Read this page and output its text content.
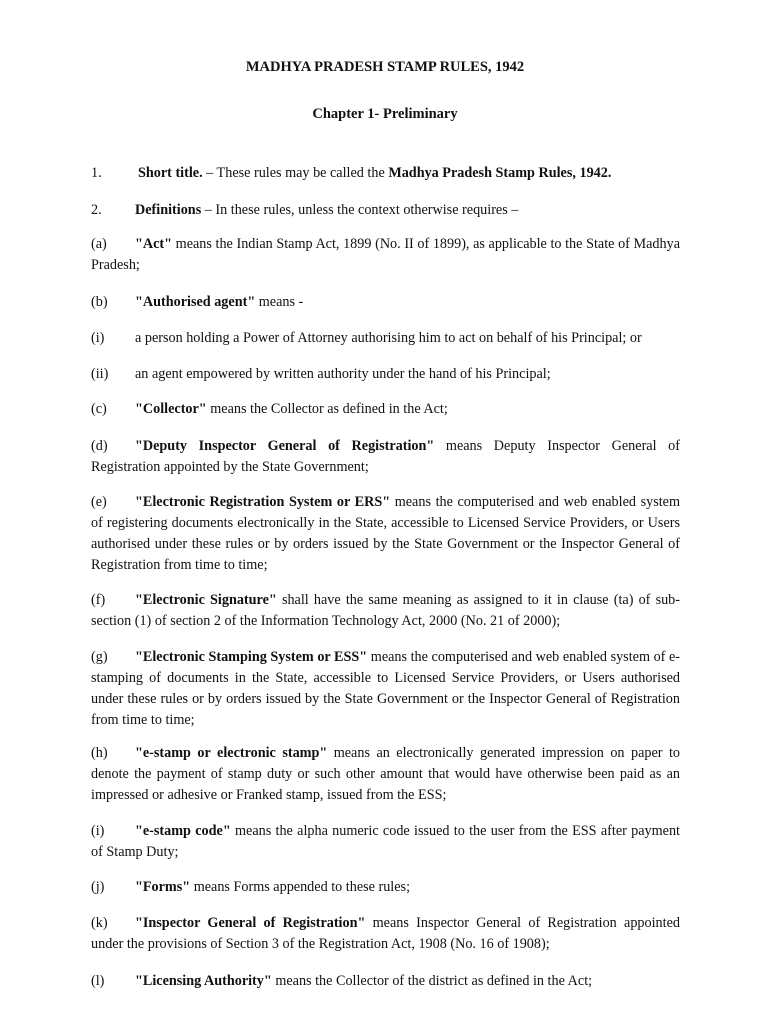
MADHYA PRADESH STAMP RULES, 1942
Chapter 1- Preliminary
1.	Short title. – These rules may be called the Madhya Pradesh Stamp Rules, 1942.
2. Definitions – In these rules, unless the context otherwise requires –
(a) "Act" means the Indian Stamp Act, 1899 (No. II of 1899), as applicable to the State of Madhya Pradesh;
(b) "Authorised agent" means -
(i) a person holding a Power of Attorney authorising him to act on behalf of his Principal; or
(ii) an agent empowered by written authority under the hand of his Principal;
(c) "Collector" means the Collector as defined in the Act;
(d) "Deputy Inspector General of Registration" means Deputy Inspector General of Registration appointed by the State Government;
(e) "Electronic Registration System or ERS" means the computerised and web enabled system of registering documents electronically in the State, accessible to Licensed Service Providers, or Users authorised under these rules or by orders issued by the State Government or the Inspector General of Registration from time to time;
(f) "Electronic Signature" shall have the same meaning as assigned to it in clause (ta) of sub-section (1) of section 2 of the Information Technology Act, 2000 (No. 21 of 2000);
(g) "Electronic Stamping System or ESS" means the computerised and web enabled system of e-stamping of documents in the State, accessible to Licensed Service Providers, or Users authorised under these rules or by orders issued by the State Government or the Inspector General of Registration from time to time;
(h) "e-stamp or electronic stamp" means an electronically generated impression on paper to denote the payment of stamp duty or such other amount that would have otherwise been paid as an impressed or adhesive or Franked stamp, issued from the ESS;
(i) "e-stamp code" means the alpha numeric code issued to the user from the ESS after payment of Stamp Duty;
(j) "Forms" means Forms appended to these rules;
(k) "Inspector General of Registration" means Inspector General of Registration appointed under the provisions of Section 3 of the Registration Act, 1908 (No. 16 of 1908);
(l) "Licensing Authority" means the Collector of the district as defined in the Act;
